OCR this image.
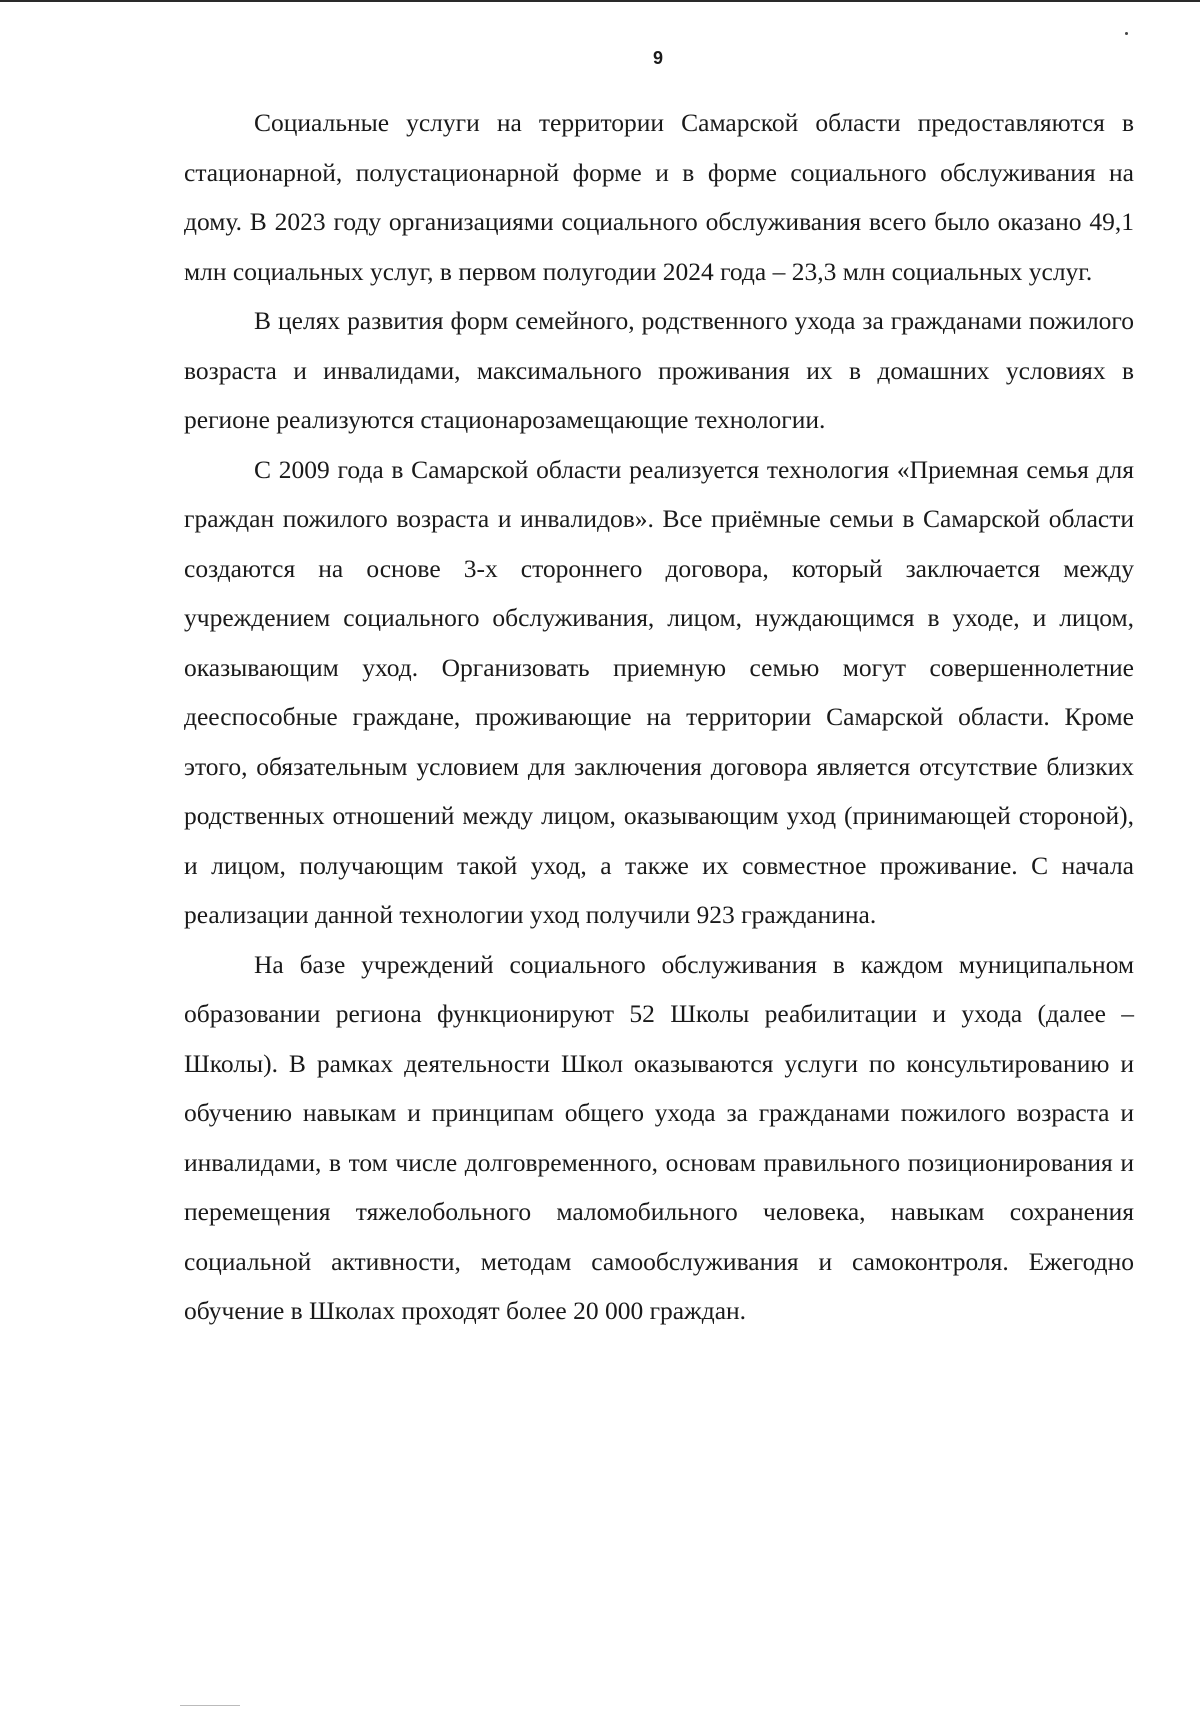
9

Социальные услуги на территории Самарской области предоставляются в стационарной, полустационарной форме и в форме социального обслуживания на дому. В 2023 году организациями социального обслуживания всего было оказано 49,1 млн социальных услуг, в первом полугодии 2024 года – 23,3 млн социальных услуг.

В целях развития форм семейного, родственного ухода за гражданами пожилого возраста и инвалидами, максимального проживания их в домашних условиях в регионе реализуются стационарозамещающие технологии.

С 2009 года в Самарской области реализуется технология «Приемная семья для граждан пожилого возраста и инвалидов». Все приёмные семьи в Самарской области создаются на основе 3-х стороннего договора, который заключается между учреждением социального обслуживания, лицом, нуждающимся в уходе, и лицом, оказывающим уход. Организовать приемную семью могут совершеннолетние дееспособные граждане, проживающие на территории Самарской области. Кроме этого, обязательным условием для заключения договора является отсутствие близких родственных отношений между лицом, оказывающим уход (принимающей стороной), и лицом, получающим такой уход, а также их совместное проживание. С начала реализации данной технологии уход получили 923 гражданина.

На базе учреждений социального обслуживания в каждом муниципальном образовании региона функционируют 52 Школы реабилитации и ухода (далее – Школы). В рамках деятельности Школ оказываются услуги по консультированию и обучению навыкам и принципам общего ухода за гражданами пожилого возраста и инвалидами, в том числе долговременного, основам правильного позиционирования и перемещения тяжелобольного маломобильного человека, навыкам сохранения социальной активности, методам самообслуживания и самоконтроля. Ежегодно обучение в Школах проходят более 20 000 граждан.
